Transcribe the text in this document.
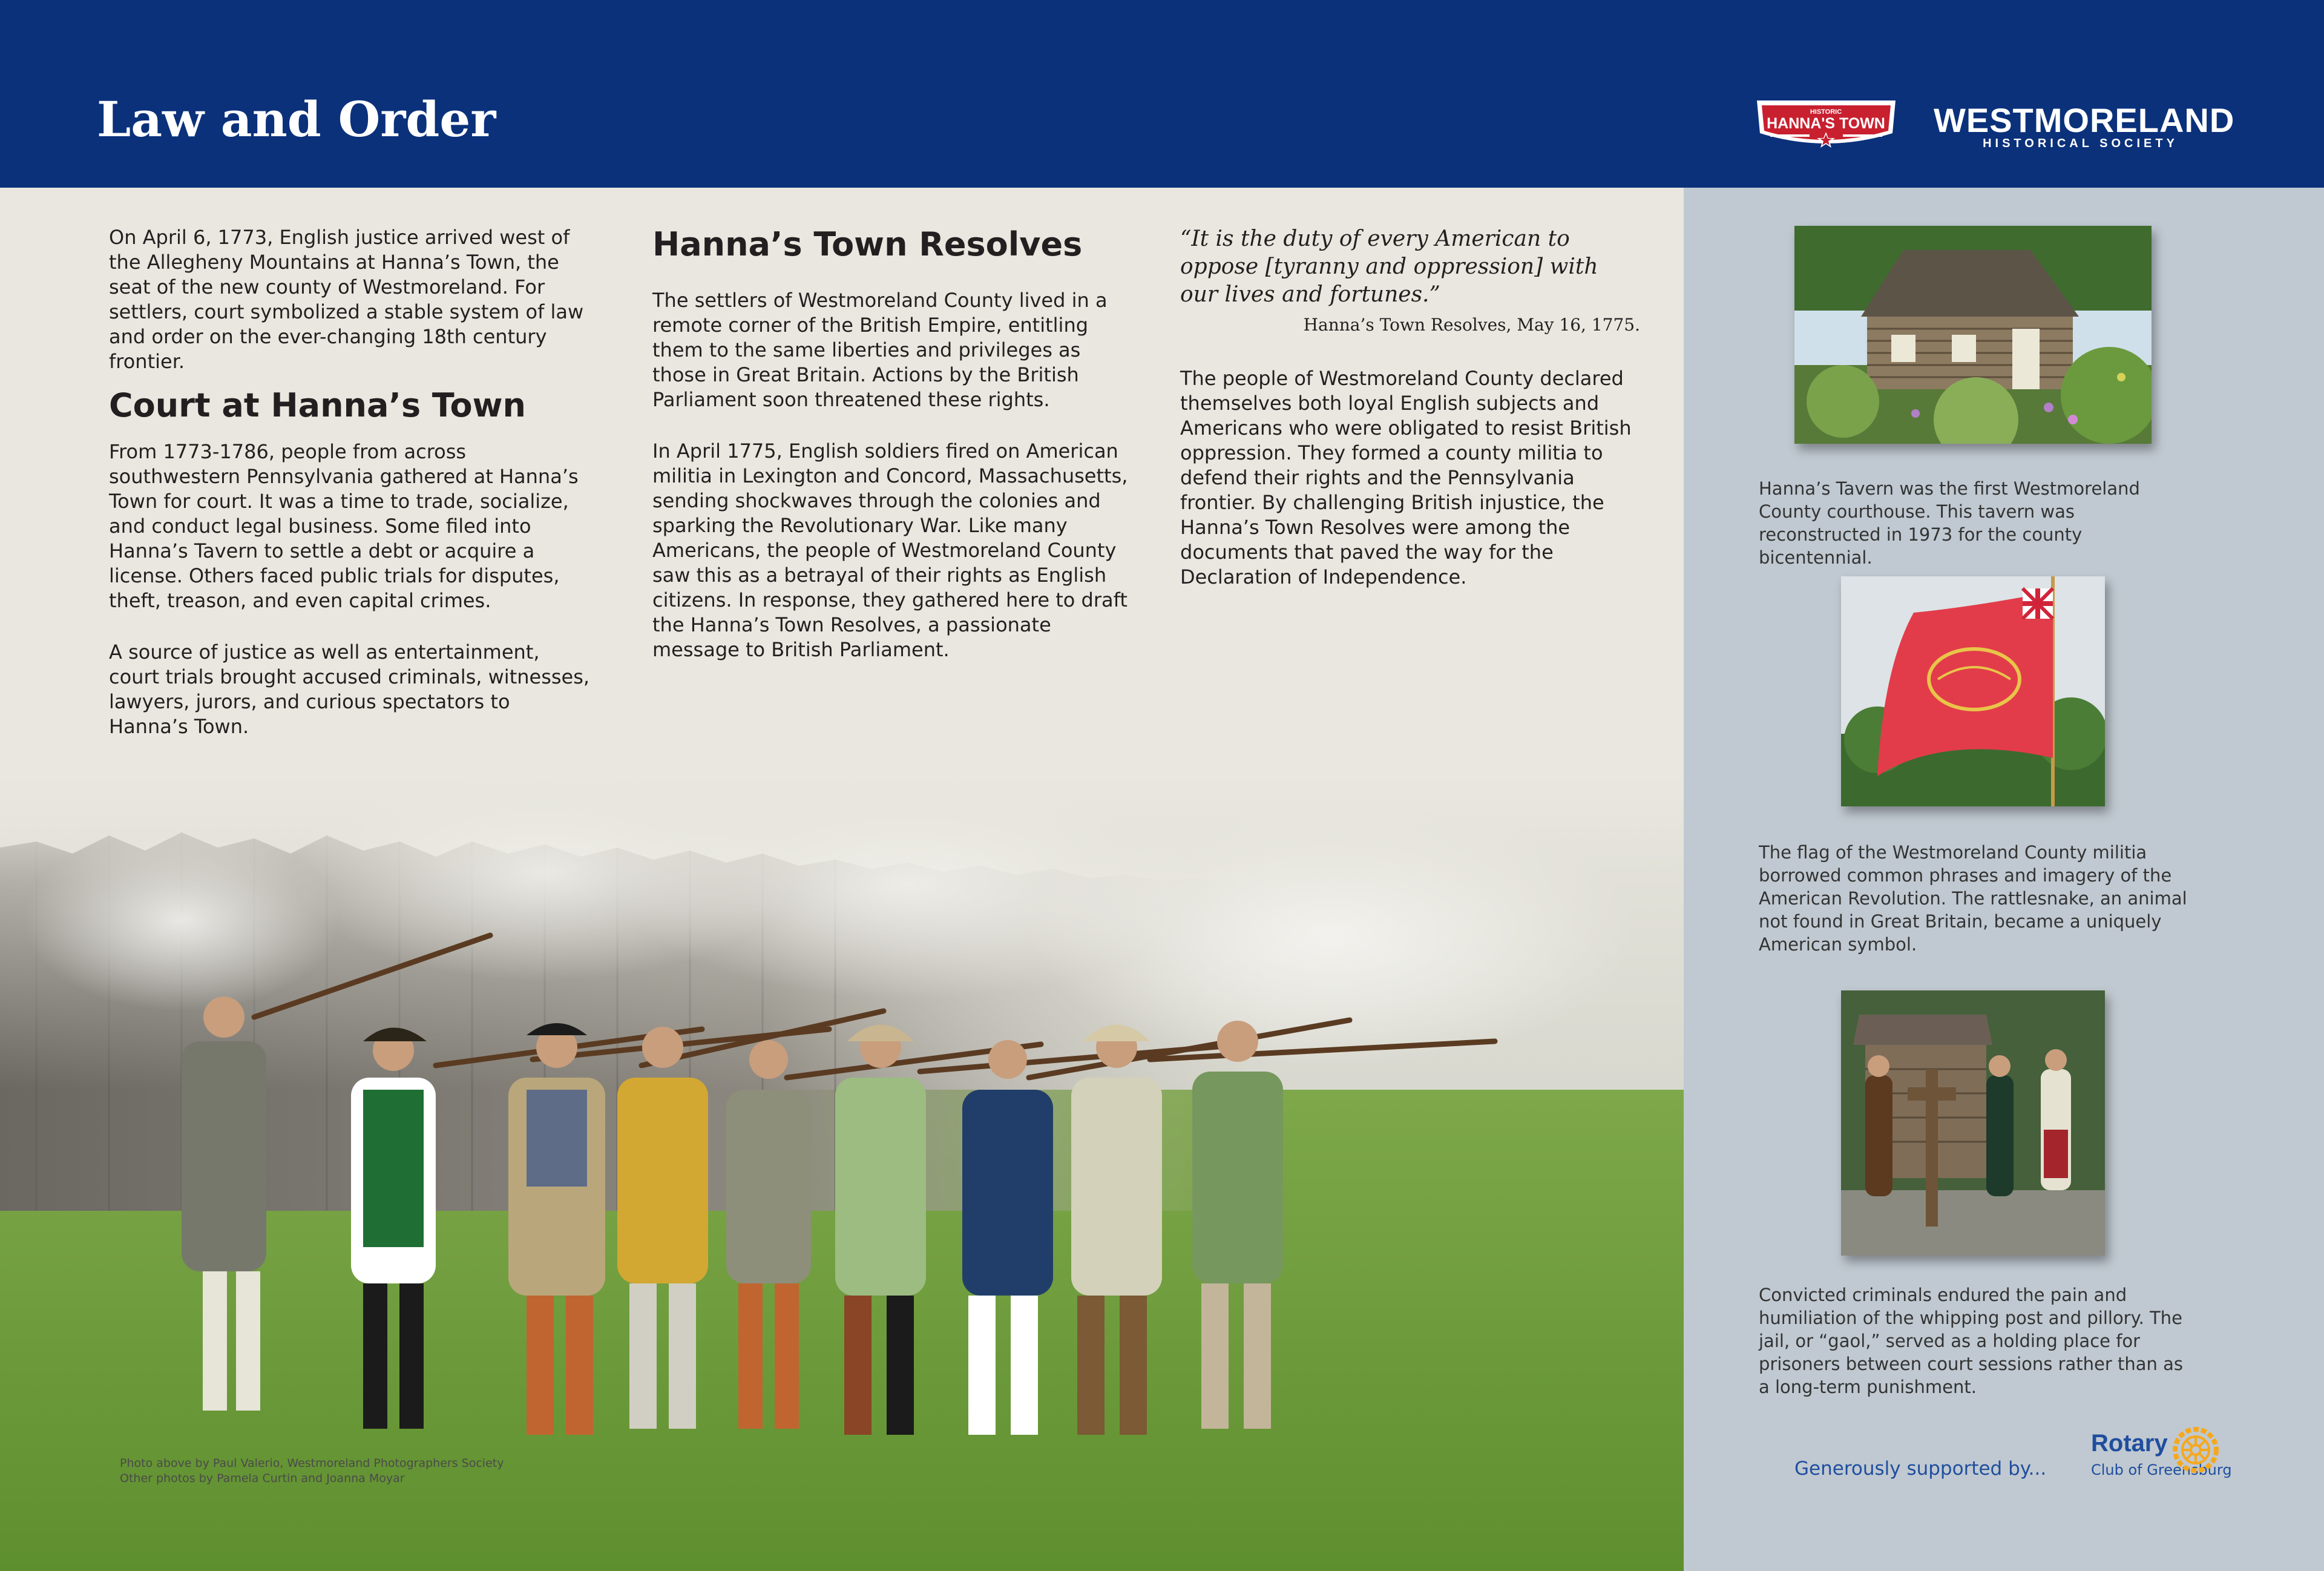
Law and Order	HISTORIC
HANNA'S TOWN WESTMORELAND

HISTORICAL SOCIETY

On April 6, 1773, English justice arrived west of the Allegheny Mountains at Hanna’s Town, the seat of the new county of Westmoreland. For settlers, court symbolized a stable system of law and order on the ever-changing 18th century frontier.

Court at Hanna’s Town

From 1773-1786, people from across southwestern Pennsylvania gathered at Hanna’s Town for court. It was a time to trade, socialize, and conduct legal business. Some filed into Hanna’s Tavern to settle a debt or acquire a license. Others faced public trials for disputes, theft, treason, and even capital crimes.

A source of justice as well as entertainment, court trials brought accused criminals, witnesses, lawyers, jurors, and curious spectators to Hanna’s Town.

Hanna’s Town Resolves

The settlers of Westmoreland County lived in a remote corner of the British Empire, entitling them to the same liberties and privileges as those in Great Britain. Actions by the British Parliament soon threatened these rights.

In April 1775, English soldiers fired on American militia in Lexington and Concord, Massachusetts, sending shockwaves through the colonies and sparking the Revolutionary War. Like many Americans, the people of Westmoreland County saw this as a betrayal of their rights as English citizens. In response, they gathered here to draft the Hanna’s Town Resolves, a passionate message to British Parliament.

“It is the duty of every American to oppose [tyranny and oppression] with our lives and fortunes.”

Hanna’s Town Resolves, May 16, 1775.

The people of Westmoreland County declared themselves both loyal English subjects and Americans who were obligated to resist British oppression. They formed a county militia to defend their rights and the Pennsylvania frontier. By challenging British injustice, the Hanna’s Town Resolves were among the documents that paved the way for the Declaration of Independence.

Photo above by Paul Valerio, Westmoreland Photographers Society
Other photos by Pamela Curtin and Joanna Moyar

Hanna’s Tavern was the first Westmoreland County courthouse. This tavern was reconstructed in 1973 for the county bicentennial.

The flag of the Westmoreland County militia borrowed common phrases and imagery of the American Revolution. The rattlesnake, an animal not found in Great Britain, became a uniquely American symbol.

Convicted criminals endured the pain and humiliation of the whipping post and pillory. The jail, or “gaol,” served as a holding place for prisoners between court sessions rather than as a long-term punishment.

Generously supported by...

Rotary

Club of Greensburg
